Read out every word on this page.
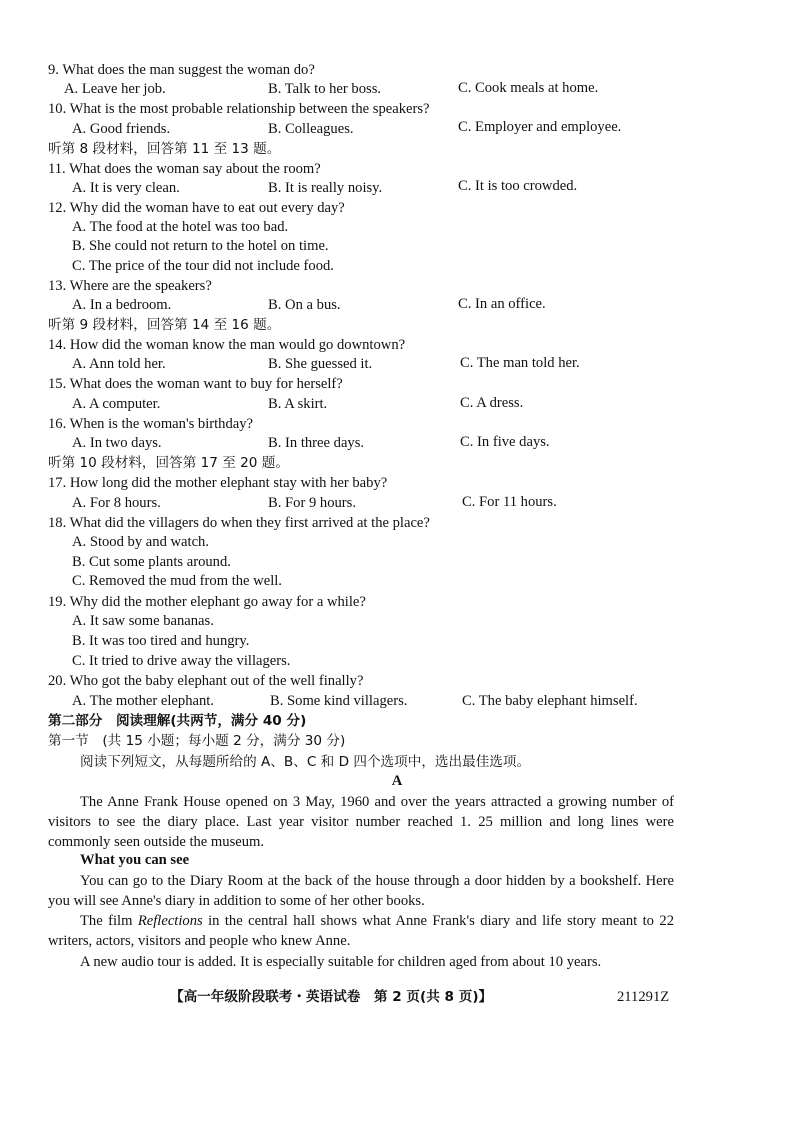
9. What does the man suggest the woman do?
A. Leave her job.	B. Talk to her boss.	C. Cook meals at home.
10. What is the most probable relationship between the speakers?
A. Good friends.	B. Colleagues.	C. Employer and employee.
听第 8 段材料，回答第 11 至 13 题。
11. What does the woman say about the room?
A. It is very clean.	B. It is really noisy.	C. It is too crowded.
12. Why did the woman have to eat out every day?
A. The food at the hotel was too bad.
B. She could not return to the hotel on time.
C. The price of the tour did not include food.
13. Where are the speakers?
A. In a bedroom.	B. On a bus.	C. In an office.
听第 9 段材料，回答第 14 至 16 题。
14. How did the woman know the man would go downtown?
A. Ann told her.	B. She guessed it.	C. The man told her.
15. What does the woman want to buy for herself?
A. A computer.	B. A skirt.	C. A dress.
16. When is the woman's birthday?
A. In two days.	B. In three days.	C. In five days.
听第 10 段材料，回答第 17 至 20 题。
17. How long did the mother elephant stay with her baby?
A. For 8 hours.	B. For 9 hours.	C. For 11 hours.
18. What did the villagers do when they first arrived at the place?
A. Stood by and watch.
B. Cut some plants around.
C. Removed the mud from the well.
19. Why did the mother elephant go away for a while?
A. It saw some bananas.
B. It was too tired and hungry.
C. It tried to drive away the villagers.
20. Who got the baby elephant out of the well finally?
A. The mother elephant.	B. Some kind villagers.	C. The baby elephant himself.
第二部分　阅读理解(共两节，满分 40 分)
第一节　(共 15 小题；每小题 2 分，满分 30 分)
阅读下列短文，从每题所给的 A、B、C 和 D 四个选项中，选出最佳选项。
A
The Anne Frank House opened on 3 May, 1960 and over the years attracted a growing number of visitors to see the diary place. Last year visitor number reached 1. 25 million and long lines were commonly seen outside the museum.
What you can see
You can go to the Diary Room at the back of the house through a door hidden by a bookshelf. Here you will see Anne's diary in addition to some of her other books.
The film Reflections in the central hall shows what Anne Frank's diary and life story meant to 22 writers, actors, visitors and people who knew Anne.
A new audio tour is added. It is especially suitable for children aged from about 10 years.
【高一年级阶段联考・英语试卷　第 2 页(共 8 页)】	211291Z
